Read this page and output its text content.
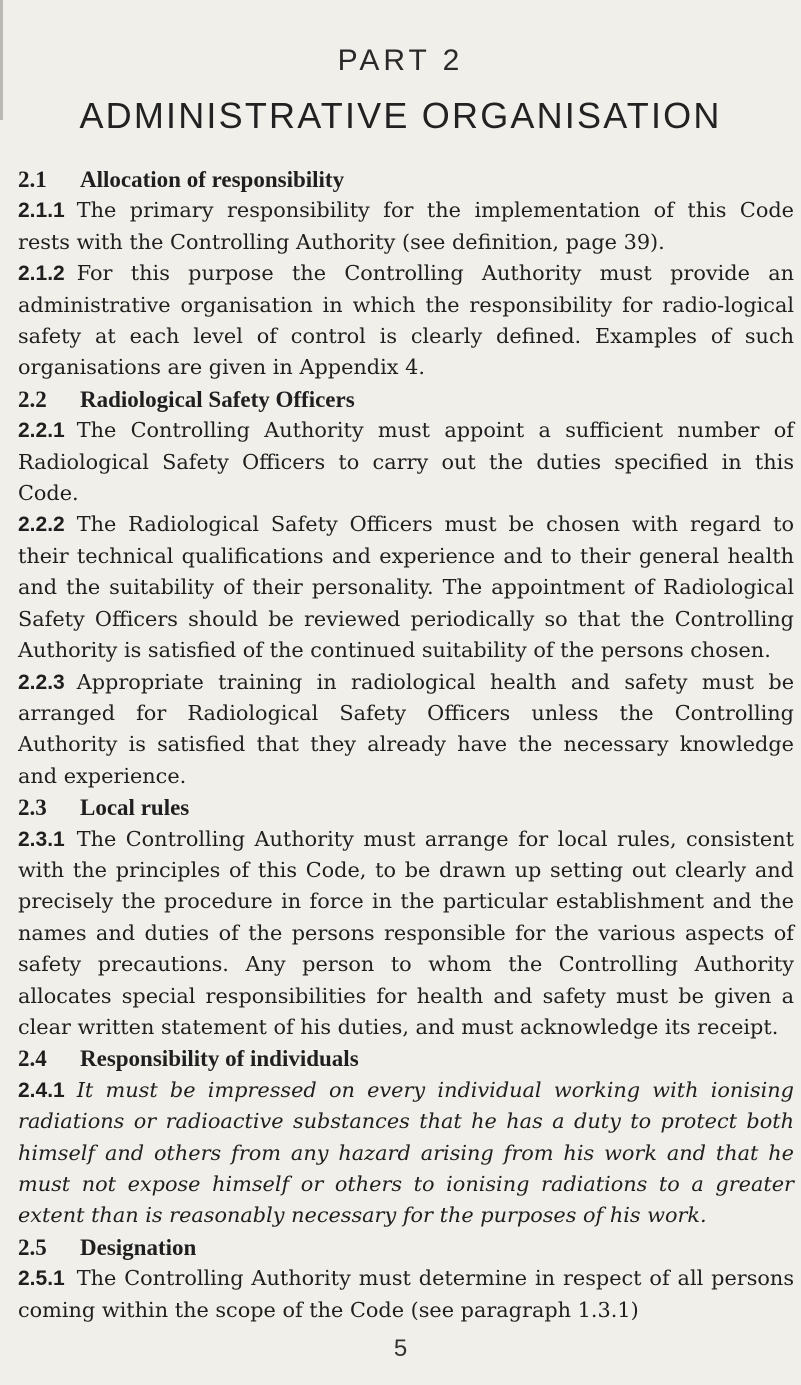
PART 2
ADMINISTRATIVE ORGANISATION
2.1 Allocation of responsibility

2.1.1 The primary responsibility for the implementation of this Code rests with the Controlling Authority (see definition, page 39).

2.1.2 For this purpose the Controlling Authority must provide an administrative organisation in which the responsibility for radio-logical safety at each level of control is clearly defined. Examples of such organisations are given in Appendix 4.

2.2 Radiological Safety Officers

2.2.1 The Controlling Authority must appoint a sufficient number of Radiological Safety Officers to carry out the duties specified in this Code.

2.2.2 The Radiological Safety Officers must be chosen with regard to their technical qualifications and experience and to their general health and the suitability of their personality. The appointment of Radiological Safety Officers should be reviewed periodically so that the Controlling Authority is satisfied of the continued suitability of the persons chosen.

2.2.3 Appropriate training in radiological health and safety must be arranged for Radiological Safety Officers unless the Controlling Authority is satisfied that they already have the necessary knowledge and experience.

2.3 Local rules

2.3.1 The Controlling Authority must arrange for local rules, consistent with the principles of this Code, to be drawn up setting out clearly and precisely the procedure in force in the particular establishment and the names and duties of the persons responsible for the various aspects of safety precautions. Any person to whom the Controlling Authority allocates special responsibilities for health and safety must be given a clear written statement of his duties, and must acknowledge its receipt.

2.4 Responsibility of individuals

2.4.1 It must be impressed on every individual working with ionising radiations or radioactive substances that he has a duty to protect both himself and others from any hazard arising from his work and that he must not expose himself or others to ionising radiations to a greater extent than is reasonably necessary for the purposes of his work.

2.5 Designation

2.5.1 The Controlling Authority must determine in respect of all persons coming within the scope of the Code (see paragraph 1.3.1)

5
